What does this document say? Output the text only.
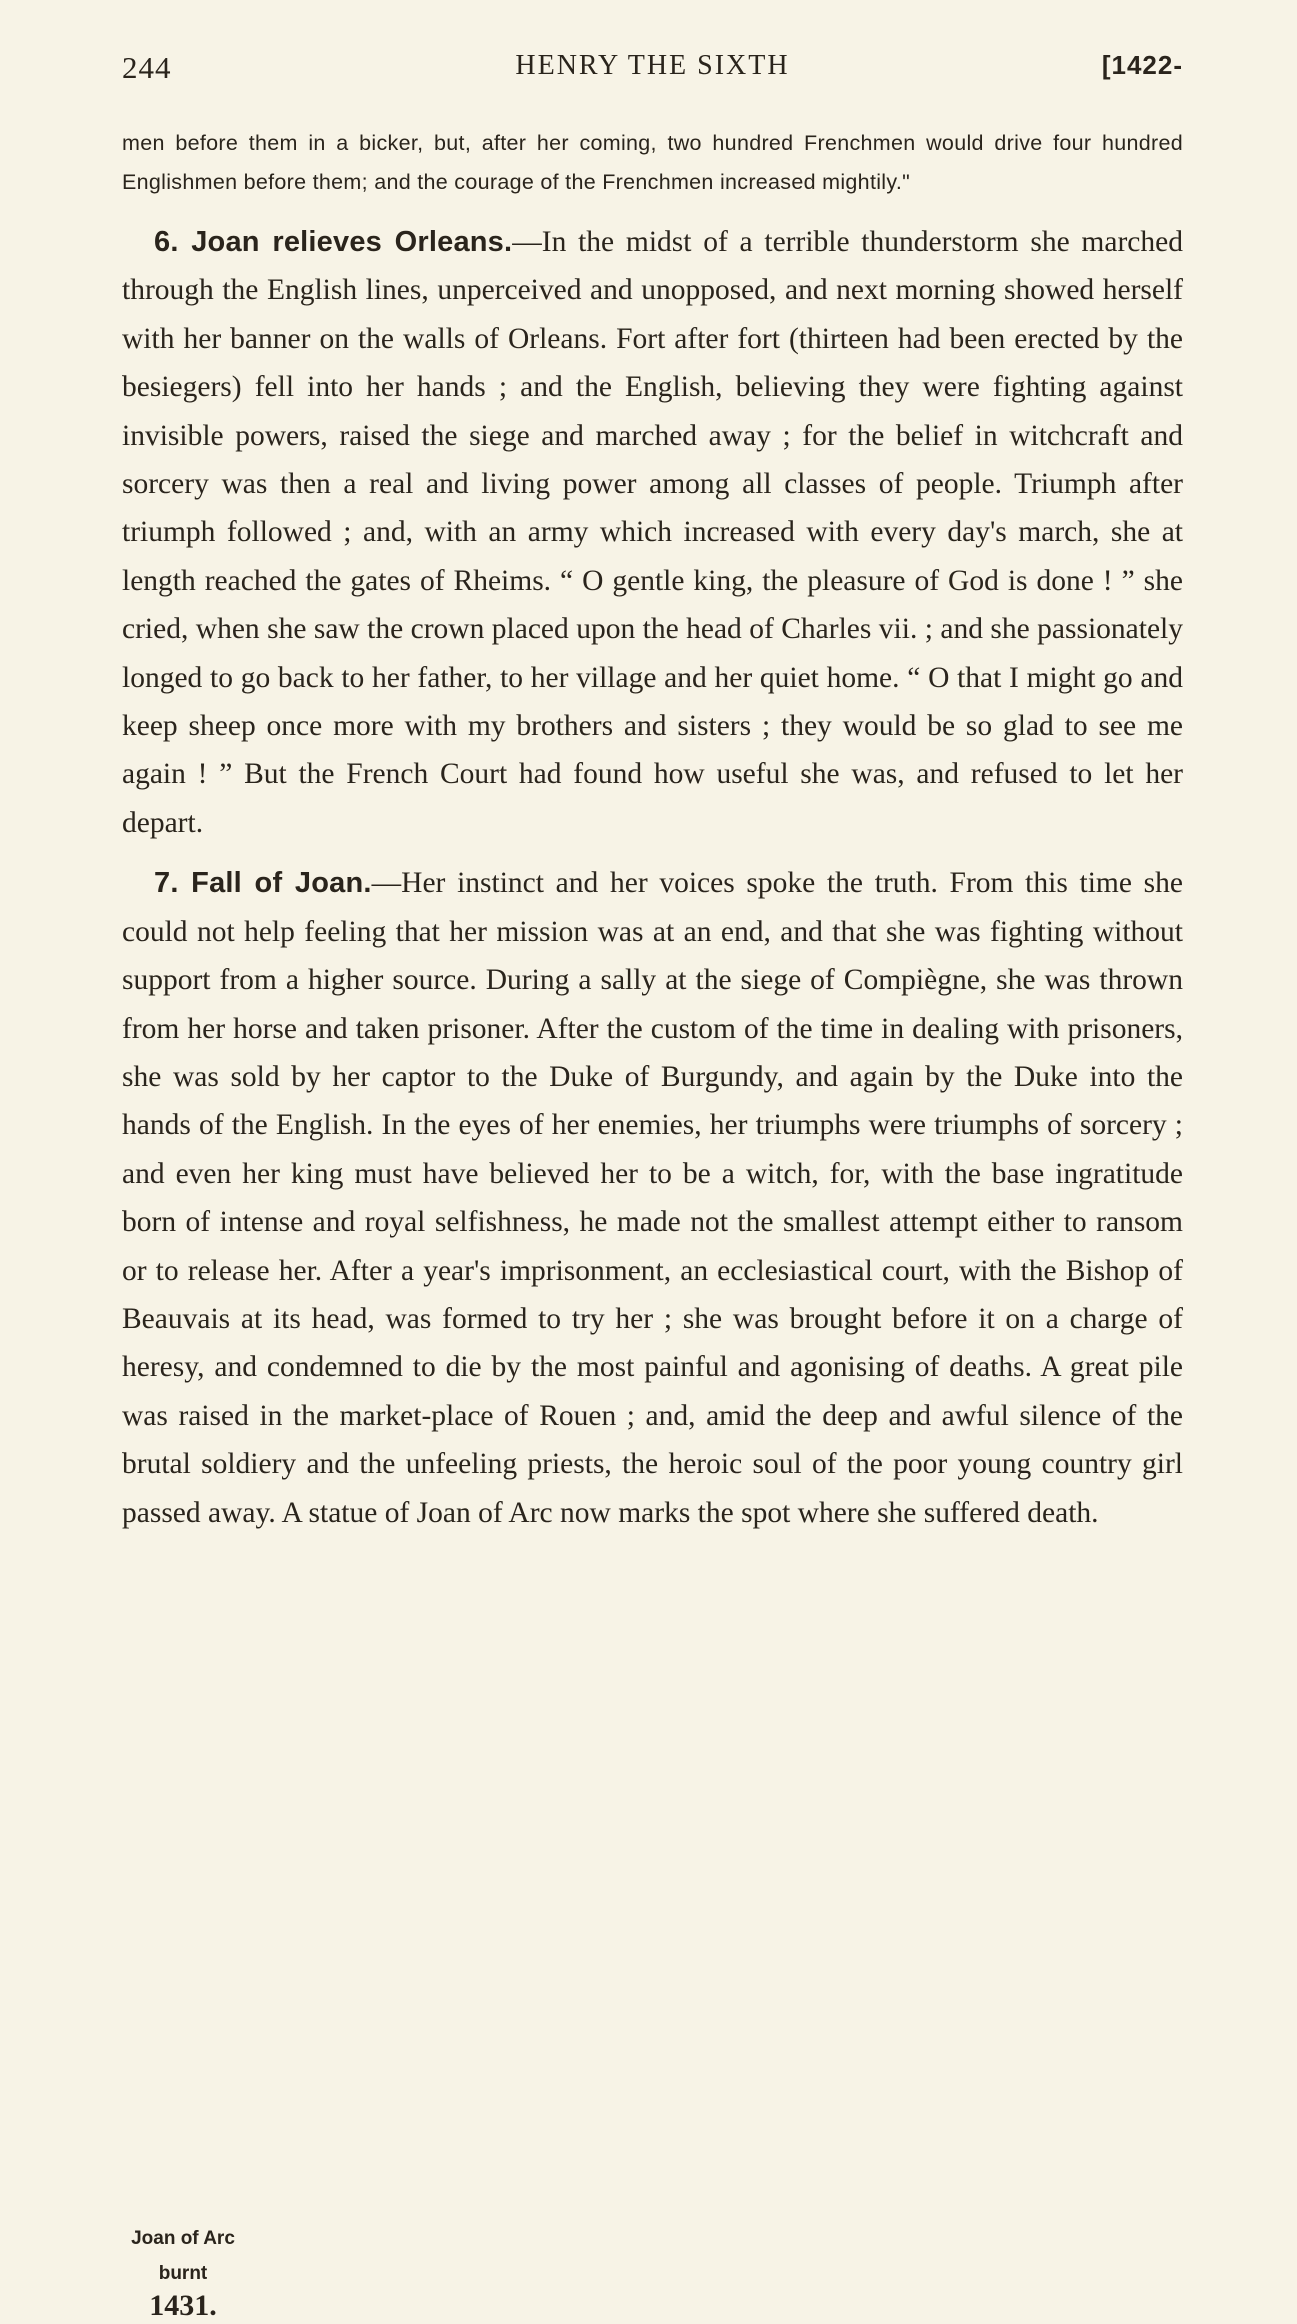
244	HENRY THE SIXTH	[1422-
men before them in a bicker, but, after her coming, two hundred Frenchmen would drive four hundred Englishmen before them; and the courage of the Frenchmen increased mightily."
6. Joan relieves Orleans.—In the midst of a terrible thunderstorm she marched through the English lines, unperceived and unopposed, and next morning showed herself with her banner on the walls of Orleans. Fort after fort (thirteen had been erected by the besiegers) fell into her hands ; and the English, believing they were fighting against invisible powers, raised the siege and marched away ; for the belief in witchcraft and sorcery was then a real and living power among all classes of people. Triumph after triumph followed ; and, with an army which increased with every day's march, she at length reached the gates of Rheims. “ O gentle king, the pleasure of God is done ! ” she cried, when she saw the crown placed upon the head of Charles vii. ; and she passionately longed to go back to her father, to her village and her quiet home. “ O that I might go and keep sheep once more with my brothers and sisters ; they would be so glad to see me again ! ” But the French Court had found how useful she was, and refused to let her depart.
Joan of Arc
burnt
1431.
7. Fall of Joan.—Her instinct and her voices spoke the truth. From this time she could not help feeling that her mission was at an end, and that she was fighting without support from a higher source. During a sally at the siege of Compiègne, she was thrown from her horse and taken prisoner. After the custom of the time in dealing with prisoners, she was sold by her captor to the Duke of Burgundy, and again by the Duke into the hands of the English. In the eyes of her enemies, her triumphs were triumphs of sorcery ; and even her king must have believed her to be a witch, for, with the base ingratitude born of intense and royal selfishness, he made not the smallest attempt either to ransom or to release her. After a year's imprisonment, an ecclesiastical court, with the Bishop of Beauvais at its head, was formed to try her ; she was brought before it on a charge of heresy, and condemned to die by the most painful and agonising of deaths. A great pile was raised in the market-place of Rouen ; and, amid the deep and awful silence of the brutal soldiery and the unfeeling priests, the heroic soul of the poor young country girl passed away. A statue of Joan of Arc now marks the spot where she suffered death.
